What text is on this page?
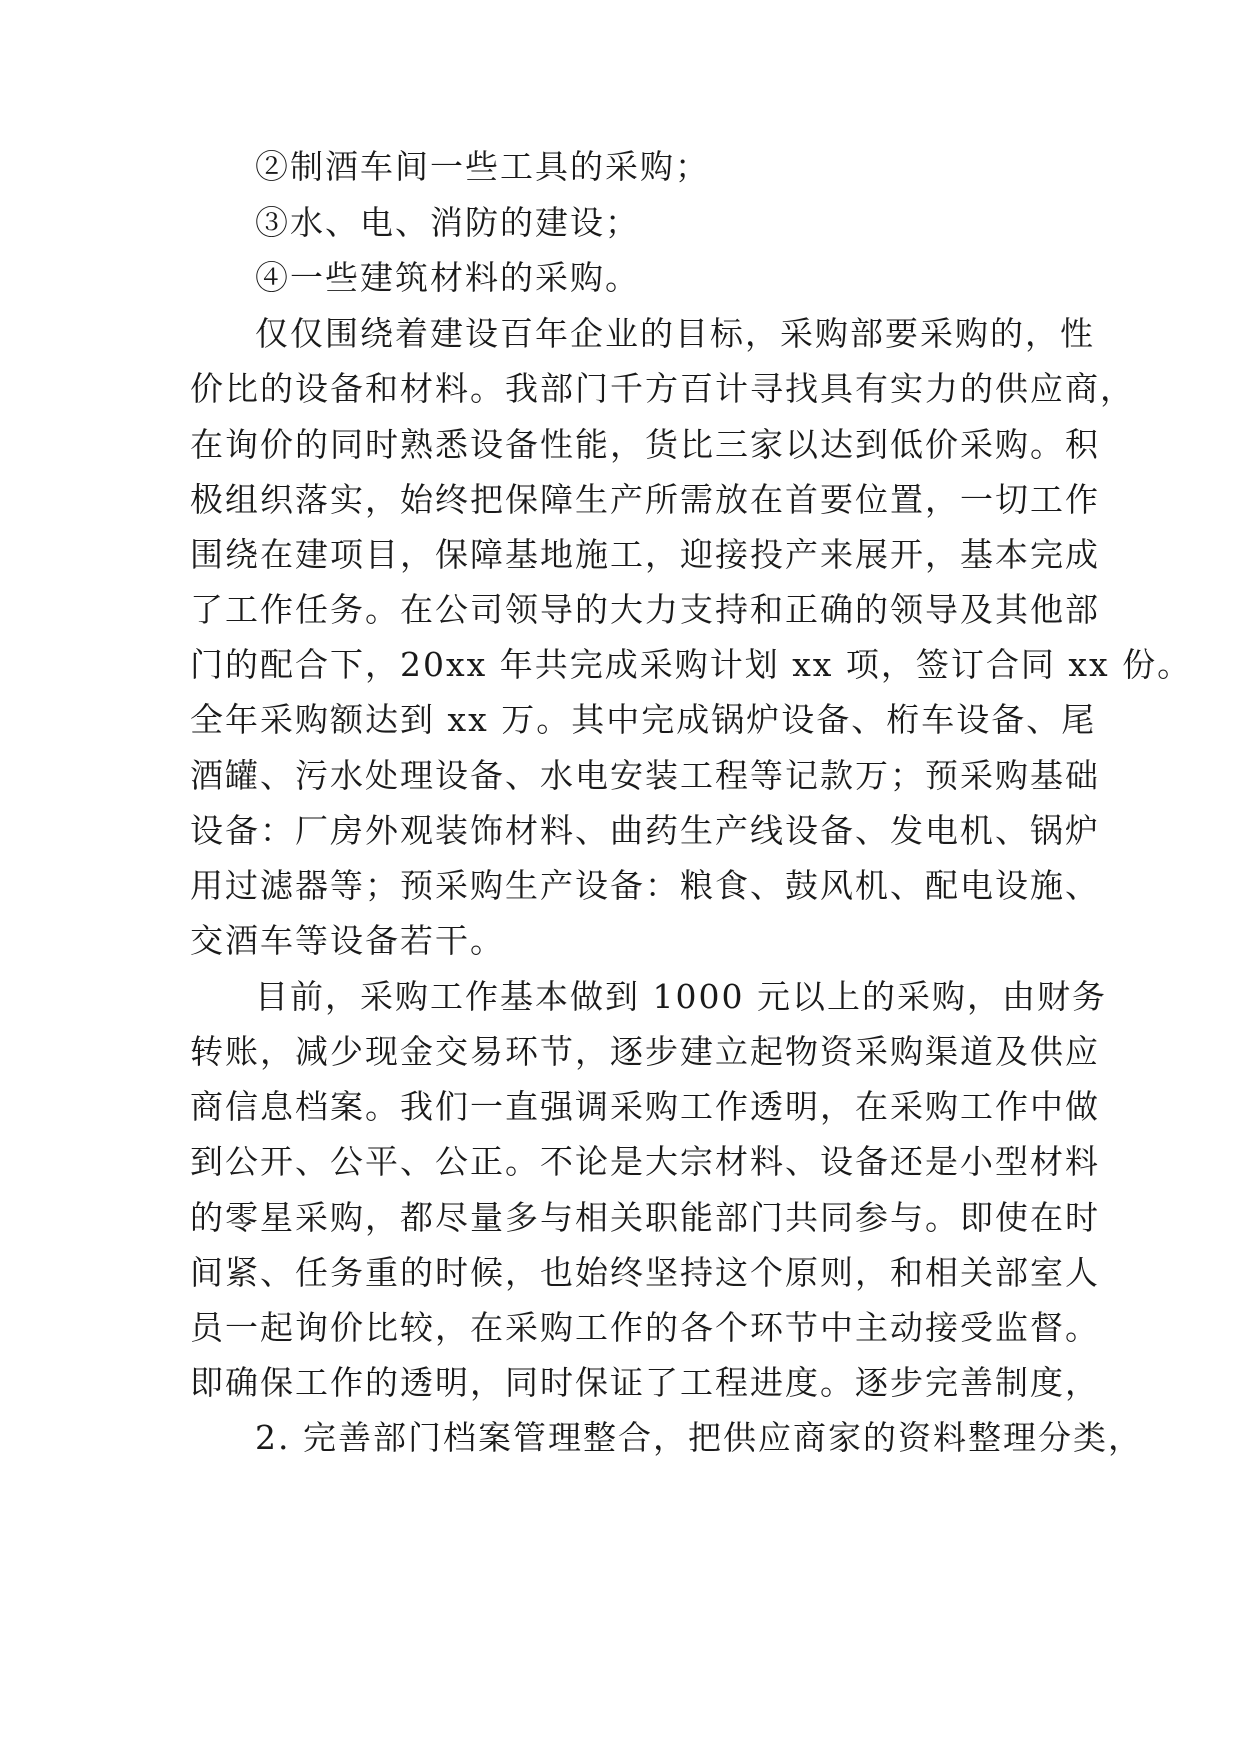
②制酒车间一些工具的采购；
③水、电、消防的建设；
④一些建筑材料的采购。
仅仅围绕着建设百年企业的目标，采购部要采购的，性
价比的设备和材料。我部门千方百计寻找具有实力的供应商，
在询价的同时熟悉设备性能，货比三家以达到低价采购。积
极组织落实，始终把保障生产所需放在首要位置，一切工作
围绕在建项目，保障基地施工，迎接投产来展开，基本完成
了工作任务。在公司领导的大力支持和正确的领导及其他部
门的配合下，20xx 年共完成采购计划 xx 项，签订合同 xx 份。
全年采购额达到 xx 万。其中完成锅炉设备、桁车设备、尾
酒罐、污水处理设备、水电安装工程等记款万；预采购基础
设备：厂房外观装饰材料、曲药生产线设备、发电机、锅炉
用过滤器等；预采购生产设备：粮食、鼓风机、配电设施、
交酒车等设备若干。
目前，采购工作基本做到 1000 元以上的采购，由财务
转账，减少现金交易环节，逐步建立起物资采购渠道及供应
商信息档案。我们一直强调采购工作透明，在采购工作中做
到公开、公平、公正。不论是大宗材料、设备还是小型材料
的零星采购，都尽量多与相关职能部门共同参与。即使在时
间紧、任务重的时候，也始终坚持这个原则，和相关部室人
员一起询价比较，在采购工作的各个环节中主动接受监督。
即确保工作的透明，同时保证了工程进度。逐步完善制度，
2. 完善部门档案管理整合，把供应商家的资料整理分类，
